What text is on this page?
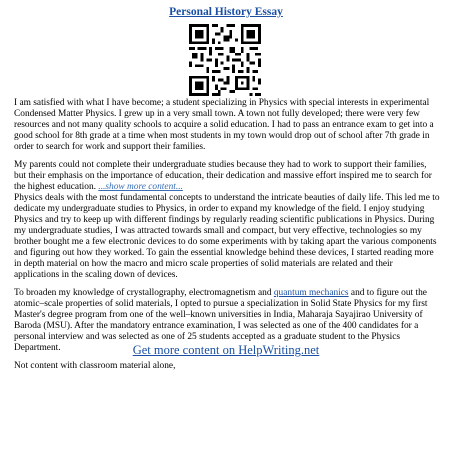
Personal History Essay

I am satisfied with what I have become; a student specializing in Physics with special interests in experimental Condensed Matter Physics. I grew up in a very small town. A town not fully developed; there were very few resources and not many quality schools to acquire a solid education. I had to pass an entrance exam to get into a good school for 8th grade at a time when most students in my town would drop out of school after 7th grade in order to search for work and support their families.

My parents could not complete their undergraduate studies because they had to work to support their families, but their emphasis on the importance of education, their dedication and massive effort inspired me to search for the highest education. ...show more content...
Physics deals with the most fundamental concepts to understand the intricate beauties of daily life. This led me to dedicate my undergraduate studies to Physics, in order to expand my knowledge of the field. I enjoy studying Physics and try to keep up with different findings by regularly reading scientific publications in Physics. During my undergraduate studies, I was attracted towards small and compact, but very effective, technologies so my brother bought me a few electronic devices to do some experiments with by taking apart the various components and figuring out how they worked. To gain the essential knowledge behind these devices, I started reading more in depth material on how the macro and micro scale properties of solid materials are related and their applications in the scaling down of devices.

To broaden my knowledge of crystallography, electromagnetism and quantum mechanics and to figure out the atomic–scale properties of solid materials, I opted to pursue a specialization in Solid State Physics for my first Master's degree program from one of the well–known universities in India, Maharaja Sayajirao University of Baroda (MSU). After the mandatory entrance examination, I was selected as one of the 400 candidates for a personal interview and was selected as one of 25 students accepted as a graduate student to the Physics Department.

Not content with classroom material alone,

Get more content on HelpWriting.net
